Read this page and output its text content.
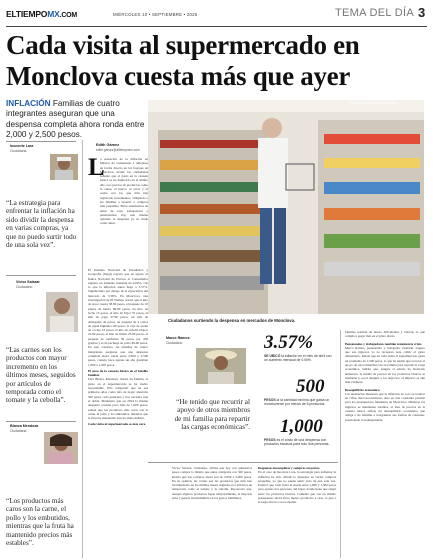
ELTIEMPOMX.COM	MIÉRCOLES 10 • SEPTIEMBRE • 2025	TEMA DEL DÍA 3
Cada visita al supermercado en Monclova cuesta más que ayer
INFLACIÓN Familias de cuatro integrantes aseguran que una despensa completa ahora ronda entre 2,000 y 2,500 pesos.
Inocente Lara
Ciudadana
“La estrategia para enfrentar la inflación ha sido dividir la despensa en varias compras, ya que no puedo surtir todo de una sola vez”.
Víctor Salazar
Ciudadano
“Las carnes son los productos con mayor incremento en los últimos meses, seguidos por artículos de temporada como el tomate y la cebolla”.
Blanca Mendoza
Ciudadana
“Los productos más caros son la carne, el pollo y los embutidos, mientras que la fruta ha mantenido precios más estables”.
Edith Gámez
edith.gamez@eltiempomx.com
L

a sensación de la inflación en México ha comenzado a reflejarse de forma directa en los hogares de Monclova, donde las ciudadanas señalan que el gasto en la canasta básica se ha duplicado en el último año. Los precios de productos como la carne, el huevo, el arroz y el aceite son los que más han registrado incrementos, obligando a las familias a recurrir a compras más pequeñas. Entre testimonios de amas de casa, trabajadores y pensionados, hay una misma opinión: la despensa ya no rinde como antes.

El Instituto Nacional de Estadística y Geografía (Inegi) reportó que en agosto el Índice Nacional de Precios al Consumidor registró un aumento mensual de 0.06%, con lo que la inflación anual llegó a 3.57%. Significando por debajo de la expectativa del mercado de 3.58%. En Monclova, una investigación de El Tiempo reveló que el kilo de arroz cuesta 38.90 pesos, el paquete de 10 piezas de huevo 89.90 pesos, un litro de leche 13 pesos, el kilo de frijol 35 pesos, el kilo de papa 27.90 pesos, un kilo de detergente 42 pesos, un paquete de 4 rollos de papel higiénico 60 pesos, la caja de aceite de cocina 33 pesos, el kilo de cebolla blanca 25.99 pesos, el kilo de limón 25.99 pesos, el paquete de salchicha 39 pesos por 450 gramos y el de pechuga de pollo 89.90 pesos. En este contexto, las familias de cuatro integrantes aseguran que una despensa completa ahora ronda entre 2,000 y 2,500 pesos, cuando hace apenas un año gastaban 1,000 a 1,200 pesos.

El peso de la canasta básica en el bolsillo familiar.

Para Blanca Mendoza, madre de familia, el gasto en el supermercado se ha vuelto insostenible. Ella compartió que en sus primeros años como jefa de hogar ahorraba 500 pesos cada quincena y hoy necesita casi el doble. Manifestó que en 2024 la misma despensa costaba poco más de 1,000 pesos; señala que los productos más caros son la carne, el pollo y los embutidos, mientras que la fruta ha mantenido precios más estables.

Cada visita al supermercado es más cara.

EL TIEMPO / ALEJANDRO RODRÍGUEZ
Ciudadanos surtiendo la despensa en mercados de Monclova.
Marco Ramos
Ciudadano
“He tenido que recurrir al apoyo de otros miembros de mi familia para repartir las cargas económicas”.
3.57%
SE UBICÓ la inflación en el mes de abril con un aumento mensual de 0.06%.
500
PESOS la la cantidad mínima que gasta un monclovense por menos de 5 productos.
1,000
PESOS es el costo de una despensa con productos escasos para solo dos personas.

Víctor Salazar, ciudadano, afirma que hoy con quinientos pesos compra lo mismo que antes compraba con 300 pesos. Relató que sus compras ahora son de 2,000 a 3,000 pesos. En su opinión, las carnes son las productos que más han incrementado en los últimos meses seguidos por artículos de temporada como el tomate y la cebolla. Reconoció que, aunque algunos productos bajan temporalmente, la mayoría sube y genera incertidumbre en los gastos familiares.

Despensas incompletas y compras en partes.

En el caso de Inocente Lara, la estrategia para enfrentar la inflación ha sido dividir la despensa en varias compras pequeñas, ya que no puede surtir todo de una sola vez. Explicó que cada visita le cuesta entre 1,000 y 1,500 pesos para apenas dos personas, del lugar, donde tiene que elegir entre los productos básicos. Lamentó que con un mismo presupuesto ahora lleva menos productos a casa, lo que a la larga afecta a su economía.

familias tendrán de nuevo dificultades y buscan, lo que complica pagar más en el plato diario.

Pensionados y trabajadores también resienten la crisis.

Marco Ramos, pensionado y trabajador eventual, expuso que sus ingresos ya no alcanzan para cubrir el gasto alimentario. Relató que en cada visita al supermercado gasta un promedio de 1,500 pesos, lo que ha tenido que recortar el apoyo de otros miembros de su familia para repartir la carga económica. Señaló que, aunque el salario ha mostrado aumentos, la subida de precios en los productos básicos se mantiene y, en el tianguis y los negocios, el impacto es aún más evidente.

Desequilibrio económico.

Las tendencias muestran que la inflación no solo se traduce en cifras macroeconómicas, sino en una constante presión para los presupuestos familiares de Monclova. Mientras los ingresos se mantienen estables, el alza de precios en la canasta básica refleja un desequilibrio económico que obliga a las familias a reorganizar sus formas de consumo, priorizando lo indispensable.
